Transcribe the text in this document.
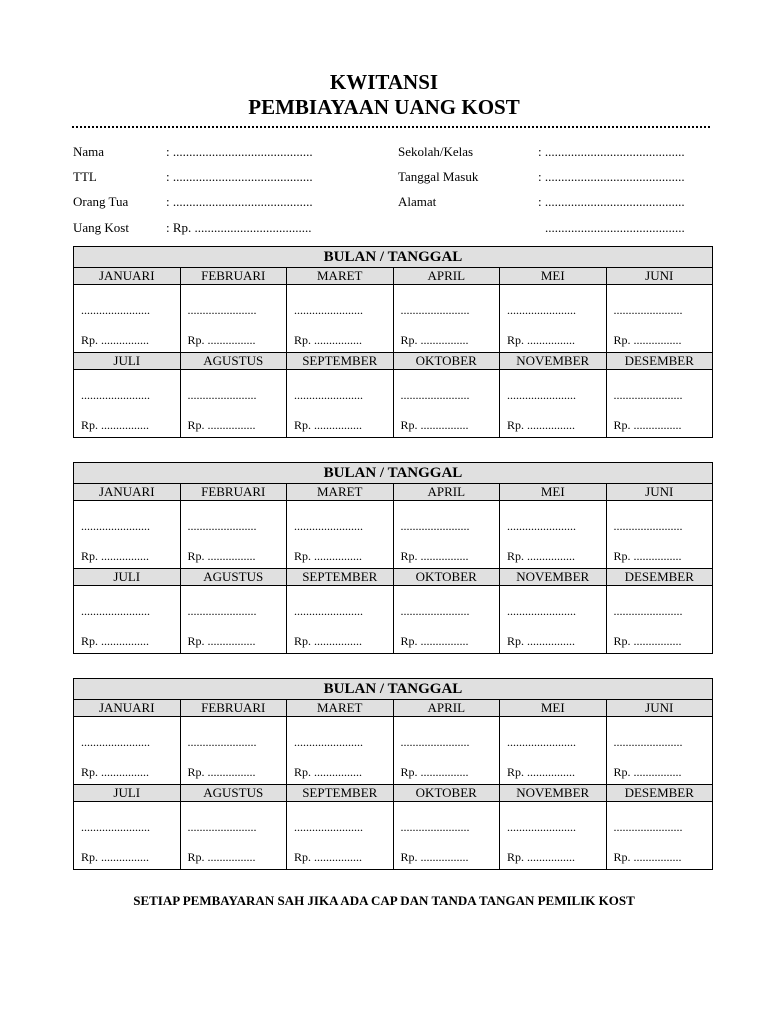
KWITANSI
PEMBIAYAAN UANG KOST
Nama	: ...........................................	Sekolah/Kelas	: ...........................................
TTL	: ...........................................	Tanggal Masuk	: ...........................................
Orang Tua	: ...........................................	Alamat	: ...........................................
Uang Kost	: Rp. ....................................	...........................................
BULAN / TANGGAL
JANUARI	FEBRUARI	MARET	APRIL	MEI	JUNI
.......................
Rp. ................
.......................
Rp. ................
.......................
Rp. ................
.......................
Rp. ................
.......................
Rp. ................
.......................
Rp. ................
JULI	AGUSTUS	SEPTEMBER	OKTOBER	NOVEMBER	DESEMBER
.......................
Rp. ................
.......................
Rp. ................
.......................
Rp. ................
.......................
Rp. ................
.......................
Rp. ................
.......................
Rp. ................
BULAN / TANGGAL
JANUARI	FEBRUARI	MARET	APRIL	MEI	JUNI
.......................
Rp. ................
.......................
Rp. ................
.......................
Rp. ................
.......................
Rp. ................
.......................
Rp. ................
.......................
Rp. ................
JULI	AGUSTUS	SEPTEMBER	OKTOBER	NOVEMBER	DESEMBER
.......................
Rp. ................
.......................
Rp. ................
.......................
Rp. ................
.......................
Rp. ................
.......................
Rp. ................
.......................
Rp. ................
BULAN / TANGGAL
JANUARI	FEBRUARI	MARET	APRIL	MEI	JUNI
.......................
Rp. ................
.......................
Rp. ................
.......................
Rp. ................
.......................
Rp. ................
.......................
Rp. ................
.......................
Rp. ................
JULI	AGUSTUS	SEPTEMBER	OKTOBER	NOVEMBER	DESEMBER
.......................
Rp. ................
.......................
Rp. ................
.......................
Rp. ................
.......................
Rp. ................
.......................
Rp. ................
.......................
Rp. ................
SETIAP PEMBAYARAN SAH JIKA ADA CAP DAN TANDA TANGAN PEMILIK KOST
